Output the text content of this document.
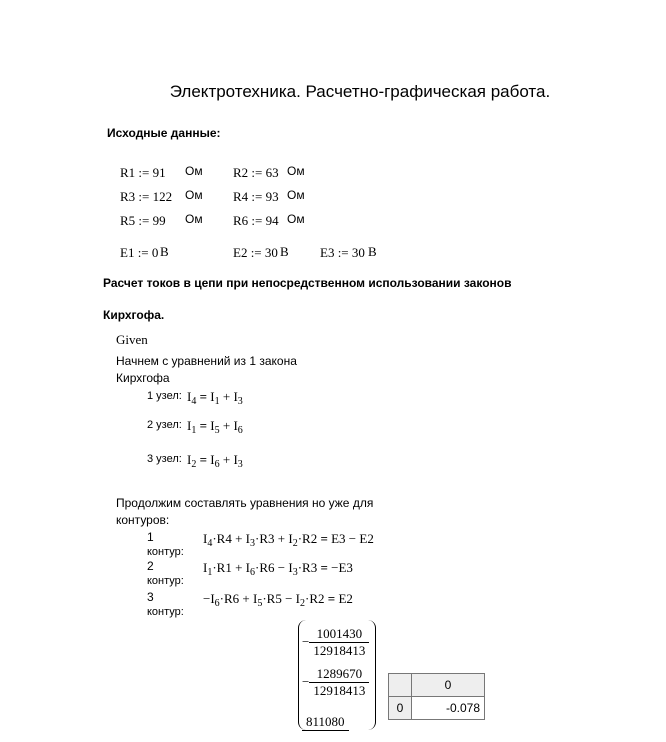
Электротехника. Расчетно-графическая работа.
Исходные данные:
R1 := 91 Ом R2 := 63 Ом
R3 := 122 Ом R4 := 93 Ом
R5 := 99 Ом R6 := 94 Ом
E1 := 0 B	E2 := 30 B E3 := 30 B
Расчет токов в цепи при непосредственном использовании законов
Кирхгофа.
Given
Начнем с уравнений из 1 закона
Кирхгофа
1 узел: $I_4 = I_1 + I_3$
2 узел: $I_1 = I_5 + I_6$
3 узел: $I_2 = I_6 + I_3$
Продолжим составлять уравнения но уже для
контуров:
1
контур:
$I_4\cdot R4 + I_3\cdot R3 + I_2\cdot R2 = E3 - E2$
2
контур:
$I_1\cdot R1 + I_6\cdot R6 - I_3\cdot R3 = -E3$
3
контур:
$-I_6\cdot R6 + I_5\cdot R5 - I_2\cdot R2 = E2$
− $\frac{1001430}{12918413}$
− $\frac{1289670}{12918413}$
811080
	0
0	-0.078
